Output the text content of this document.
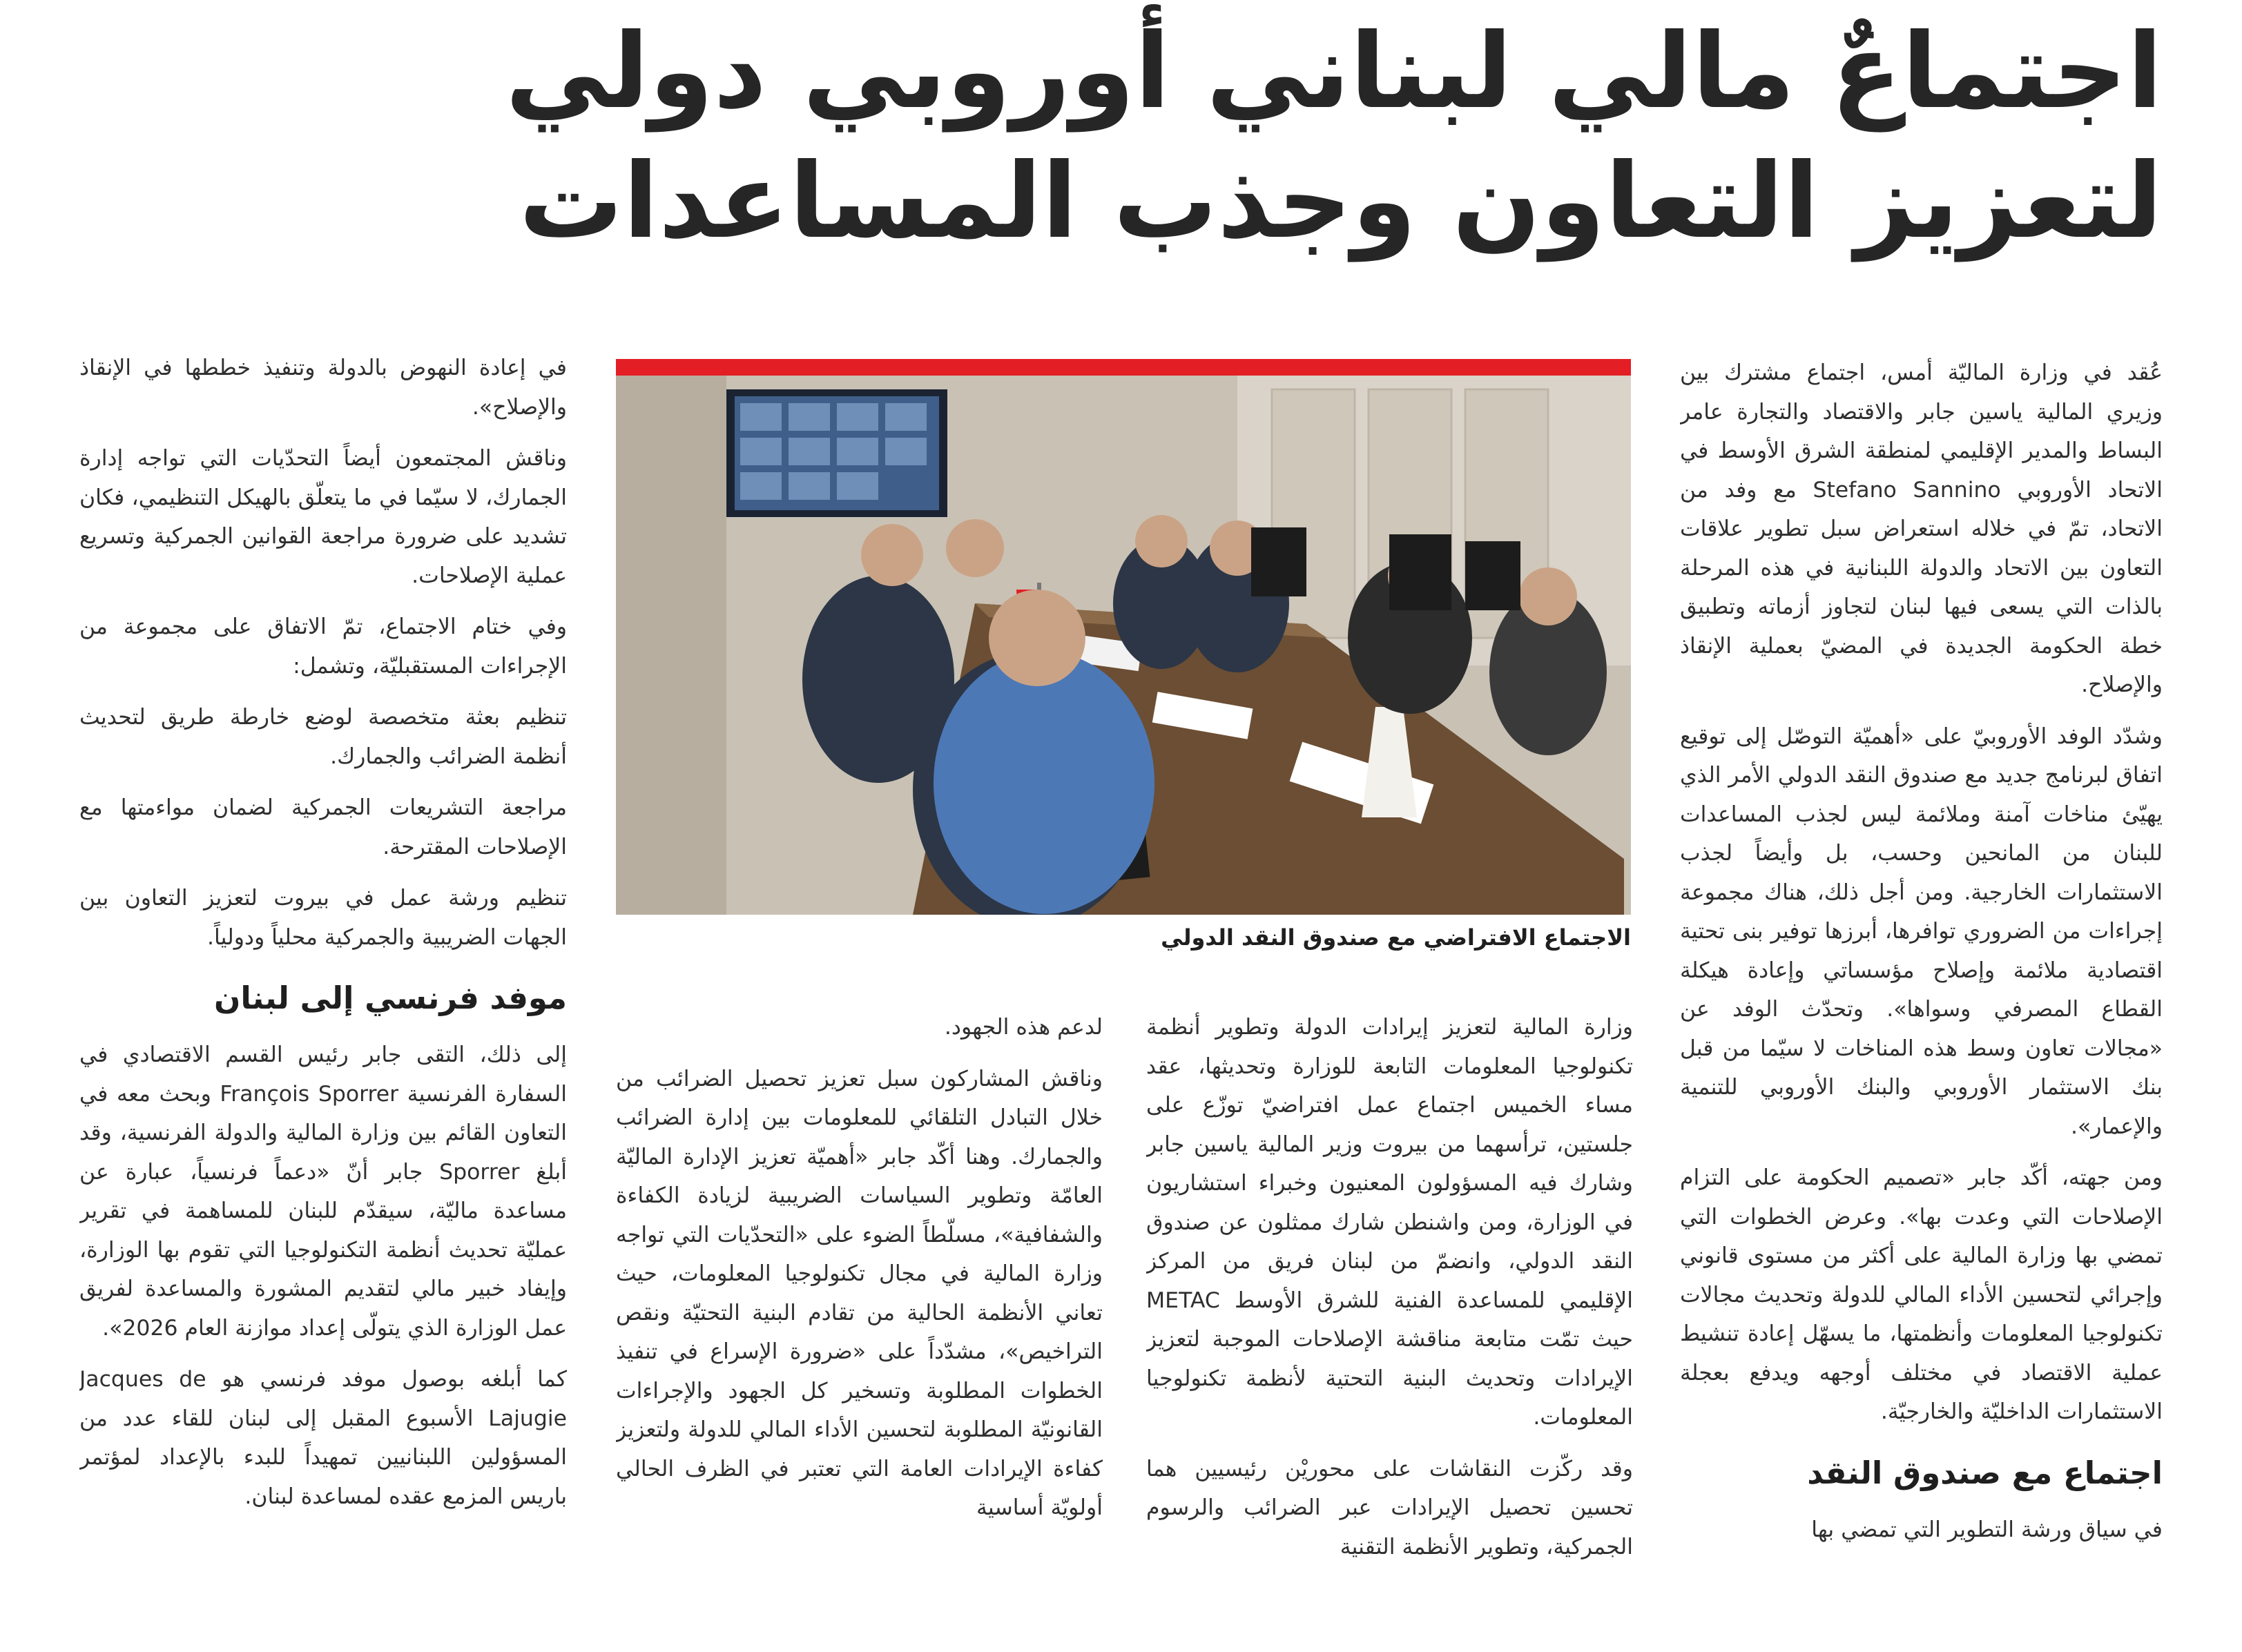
اجتماعٌ مالي لبناني أوروبي دولي
لتعزيز التعاون وجذب المساعدات

عُقد في وزارة الماليّة أمس، اجتماع مشترك بين وزيري المالية ياسين جابر والاقتصاد والتجارة عامر البساط والمدير الإقليمي لمنطقة الشرق الأوسط في الاتحاد الأوروبي Stefano Sannino مع وفد من الاتحاد، تمّ في خلاله استعراض سبل تطوير علاقات التعاون بين الاتحاد والدولة اللبنانية في هذه المرحلة بالذات التي يسعى فيها لبنان لتجاوز أزماته وتطبيق خطة الحكومة الجديدة في المضيّ بعملية الإنقاذ والإصلاح.

وشدّد الوفد الأوروبيّ على «أهميّة التوصّل إلى توقيع اتفاق لبرنامج جديد مع صندوق النقد الدولي الأمر الذي يهيّئ مناخات آمنة وملائمة ليس لجذب المساعدات للبنان من المانحين وحسب، بل وأيضاً لجذب الاستثمارات الخارجية. ومن أجل ذلك، هناك مجموعة إجراءات من الضروري توافرها، أبرزها توفير بنى تحتية اقتصادية ملائمة وإصلاح مؤسساتي وإعادة هيكلة القطاع المصرفي وسواها». وتحدّث الوفد عن «مجالات تعاون وسط هذه المناخات لا سيّما من قبل بنك الاستثمار الأوروبي والبنك الأوروبي للتنمية والإعمار».

ومن جهته، أكّد جابر «تصميم الحكومة على التزام الإصلاحات التي وعدت بها». وعرض الخطوات التي تمضي بها وزارة المالية على أكثر من مستوى قانوني وإجرائي لتحسين الأداء المالي للدولة وتحديث مجالات تكنولوجيا المعلومات وأنظمتها، ما يسهّل إعادة تنشيط عملية الاقتصاد في مختلف أوجهه ويدفع بعجلة الاستثمارات الداخليّة والخارجيّة.

اجتماع مع صندوق النقد

في سياق ورشة التطوير التي تمضي بها

الاجتماع الافتراضي مع صندوق النقد الدولي

وزارة المالية لتعزيز إيرادات الدولة وتطوير أنظمة تكنولوجيا المعلومات التابعة للوزارة وتحديثها، عقد مساء الخميس اجتماع عمل افتراضيّ توزّع على جلستين، ترأسهما من بيروت وزير المالية ياسين جابر وشارك فيه المسؤولون المعنيون وخبراء استشاريون في الوزارة، ومن واشنطن شارك ممثلون عن صندوق النقد الدولي، وانضمّ من لبنان فريق من المركز الإقليمي للمساعدة الفنية للشرق الأوسط METAC حيث تمّت متابعة مناقشة الإصلاحات الموجبة لتعزيز الإيرادات وتحديث البنية التحتية لأنظمة تكنولوجيا المعلومات.

وقد ركّزت النقاشات على محوريْن رئيسيين هما تحسين تحصيل الإيرادات عبر الضرائب والرسوم الجمركية، وتطوير الأنظمة التقنية

لدعم هذه الجهود.

وناقش المشاركون سبل تعزيز تحصيل الضرائب من خلال التبادل التلقائي للمعلومات بين إدارة الضرائب والجمارك. وهنا أكّد جابر «أهميّة تعزيز الإدارة الماليّة العامّة وتطوير السياسات الضريبية لزيادة الكفاءة والشفافية»، مسلّطاً الضوء على «التحدّيات التي تواجه وزارة المالية في مجال تكنولوجيا المعلومات، حيث تعاني الأنظمة الحالية من تقادم البنية التحتيّة ونقص التراخيص»، مشدّداً على «ضرورة الإسراع في تنفيذ الخطوات المطلوبة وتسخير كل الجهود والإجراءات القانونيّة المطلوبة لتحسين الأداء المالي للدولة ولتعزيز كفاءة الإيرادات العامة التي تعتبر في الظرف الحالي أولويّة أساسية

في إعادة النهوض بالدولة وتنفيذ خططها في الإنقاذ والإصلاح».

وناقش المجتمعون أيضاً التحدّيات التي تواجه إدارة الجمارك، لا سيّما في ما يتعلّق بالهيكل التنظيمي، فكان تشديد على ضرورة مراجعة القوانين الجمركية وتسريع عملية الإصلاحات.

وفي ختام الاجتماع، تمّ الاتفاق على مجموعة من الإجراءات المستقبليّة، وتشمل:

تنظيم بعثة متخصصة لوضع خارطة طريق لتحديث أنظمة الضرائب والجمارك.

مراجعة التشريعات الجمركية لضمان مواءمتها مع الإصلاحات المقترحة.

تنظيم ورشة عمل في بيروت لتعزيز التعاون بين الجهات الضريبية والجمركية محلياً ودولياً.

موفد فرنسي إلى لبنان

إلى ذلك، التقى جابر رئيس القسم الاقتصادي في السفارة الفرنسية François Sporrer وبحث معه في التعاون القائم بين وزارة المالية والدولة الفرنسية، وقد أبلغ Sporrer جابر أنّ «دعماً فرنسياً، عبارة عن مساعدة ماليّة، سيقدّم للبنان للمساهمة في تقرير عمليّة تحديث أنظمة التكنولوجيا التي تقوم بها الوزارة، وإيفاد خبير مالي لتقديم المشورة والمساعدة لفريق عمل الوزارة الذي يتولّى إعداد موازنة العام 2026».

كما أبلغه بوصول موفد فرنسي هو Jacques de Lajugie الأسبوع المقبل إلى لبنان للقاء عدد من المسؤولين اللبنانيين تمهيداً للبدء بالإعداد لمؤتمر باريس المزمع عقده لمساعدة لبنان.
